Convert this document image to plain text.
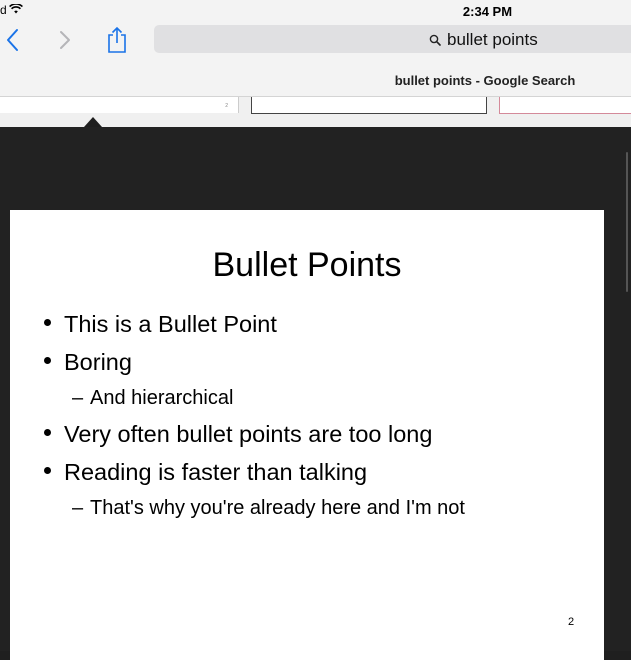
d	2:34 PM
bullet points
bullet points - Google Search
2
Bullet Points
This is a Bullet Point
Boring
– And hierarchical
Very often bullet points are too long
Reading is faster than talking
– That's why you're already here and I'm not
2
